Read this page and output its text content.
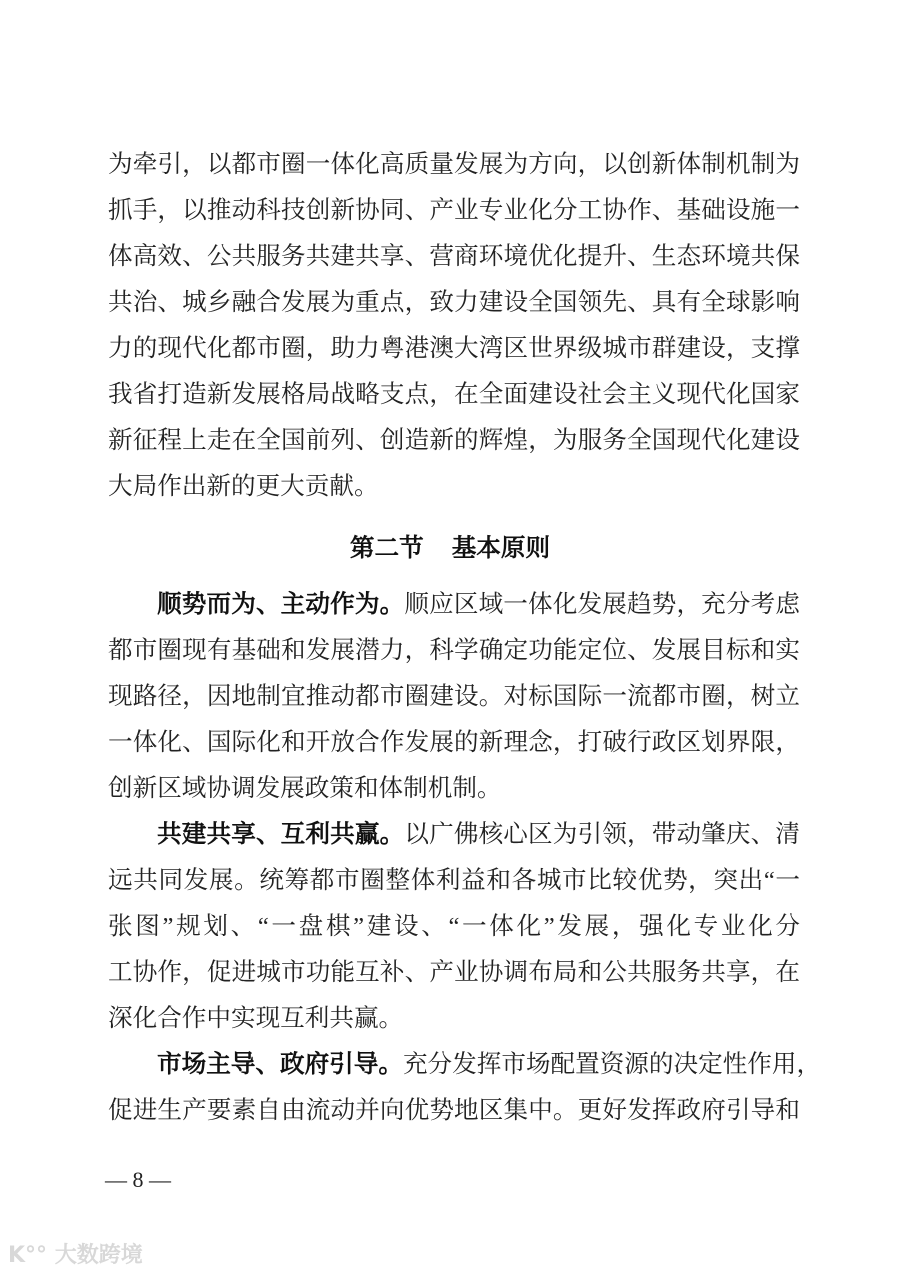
为牵引，以都市圈一体化高质量发展为方向，以创新体制机制为
抓手，以推动科技创新协同、产业专业化分工协作、基础设施一
体高效、公共服务共建共享、营商环境优化提升、生态环境共保
共治、城乡融合发展为重点，致力建设全国领先、具有全球影响
力的现代化都市圈，助力粤港澳大湾区世界级城市群建设，支撑
我省打造新发展格局战略支点，在全面建设社会主义现代化国家
新征程上走在全国前列、创造新的辉煌，为服务全国现代化建设
大局作出新的更大贡献。
第二节 基本原则
顺势而为、主动作为。顺应区域一体化发展趋势，充分考虑
都市圈现有基础和发展潜力，科学确定功能定位、发展目标和实
现路径，因地制宜推动都市圈建设。对标国际一流都市圈，树立
一体化、国际化和开放合作发展的新理念，打破行政区划界限，
创新区域协调发展政策和体制机制。
共建共享、互利共赢。以广佛核心区为引领，带动肇庆、清
远共同发展。统筹都市圈整体利益和各城市比较优势，突出“一
张图”规划、“一盘棋”建设、“一体化”发展，强化专业化分
工协作，促进城市功能互补、产业协调布局和公共服务共享，在
深化合作中实现互利共赢。
市场主导、政府引导。充分发挥市场配置资源的决定性作用，
促进生产要素自由流动并向优势地区集中。更好发挥政府引导和
— 8 —
K°° 大数跨境
